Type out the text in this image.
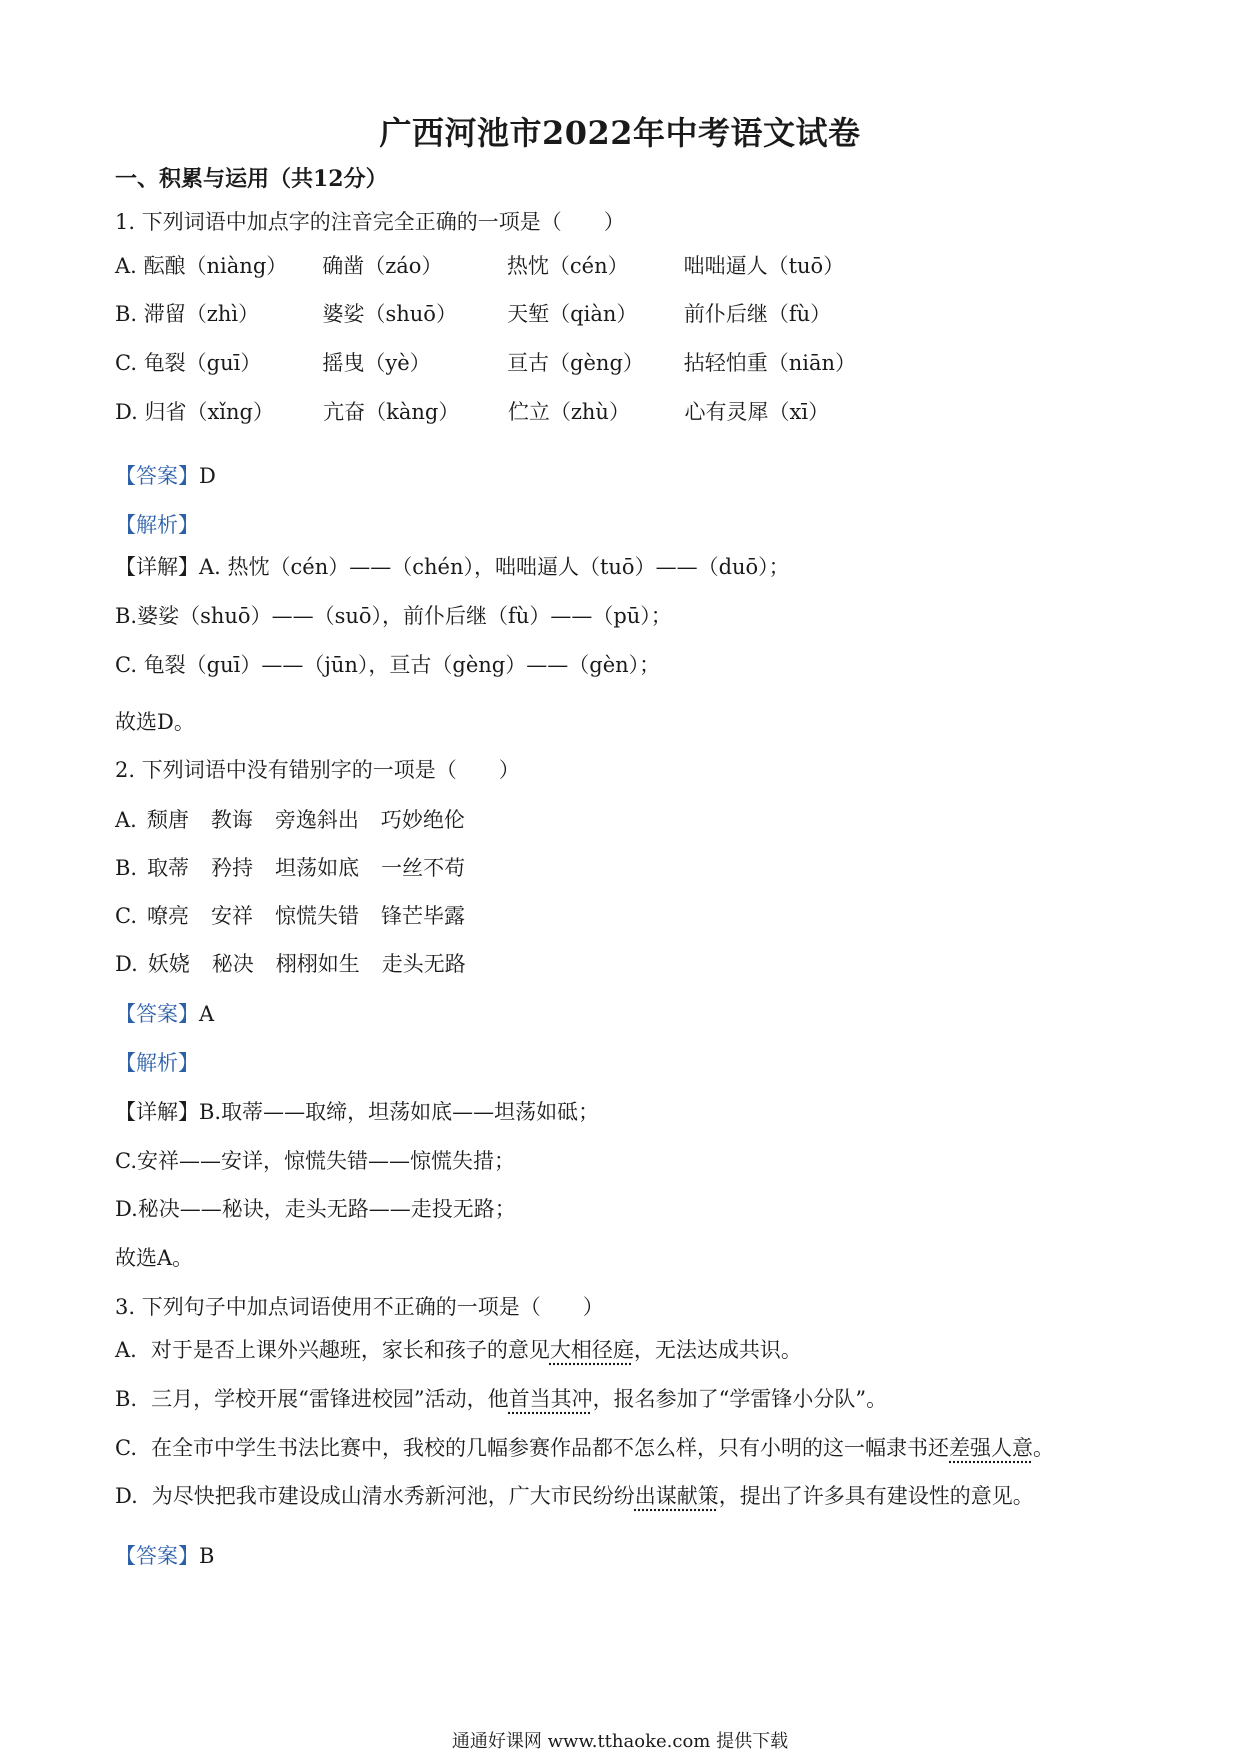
广西河池市2022年中考语文试卷
一、积累与运用（共12分）
1. 下列词语中加点字的注音完全正确的一项是（　　）
A. 酝酿（niàng） 确凿（záo）	热忱（cén）	咄咄逼人（tuō）
B. 滞留（zhì）	婆娑（shuō） 天堑（qiàn） 前仆后继（fù）
C. 龟裂（guī）	摇曳（yè）	亘古（gèng） 拈轻怕重（niān）
D. 归省（xǐng） 亢奋（kàng） 伫立（zhù）	心有灵犀（xī）
【答案】D
【解析】
【详解】A. 热忱（cén）——（chén），咄咄逼人（tuō）——（duō）；
B.婆娑（shuō）——（suō），前仆后继（fù）——（pū）；
C. 龟裂（guī）——（jūn），亘古（gèng）——（gèn）；
故选D。
2. 下列词语中没有错别字的一项是（　　）
A. 颓唐 教诲 旁逸斜出 巧妙绝伦
B. 取蒂 矜持 坦荡如底 一丝不苟
C. 嘹亮 安祥 惊慌失错 锋芒毕露
D. 妖娆 秘决 栩栩如生 走头无路
【答案】A
【解析】
【详解】B.取蒂——取缔，坦荡如底——坦荡如砥；
C.安祥——安详，惊慌失错——惊慌失措；
D.秘决——秘诀，走头无路——走投无路；
故选A。
3. 下列句子中加点词语使用不正确的一项是（　　）
A. 对于是否上课外兴趣班，家长和孩子的意见大相径庭，无法达成共识。
B. 三月，学校开展“雷锋进校园”活动，他首当其冲，报名参加了“学雷锋小分队”。
C. 在全市中学生书法比赛中，我校的几幅参赛作品都不怎么样，只有小明的这一幅隶书还差强人意。
D. 为尽快把我市建设成山清水秀新河池，广大市民纷纷出谋献策，提出了许多具有建设性的意见。
【答案】B
通通好课网 www.tthaoke.com 提供下载
